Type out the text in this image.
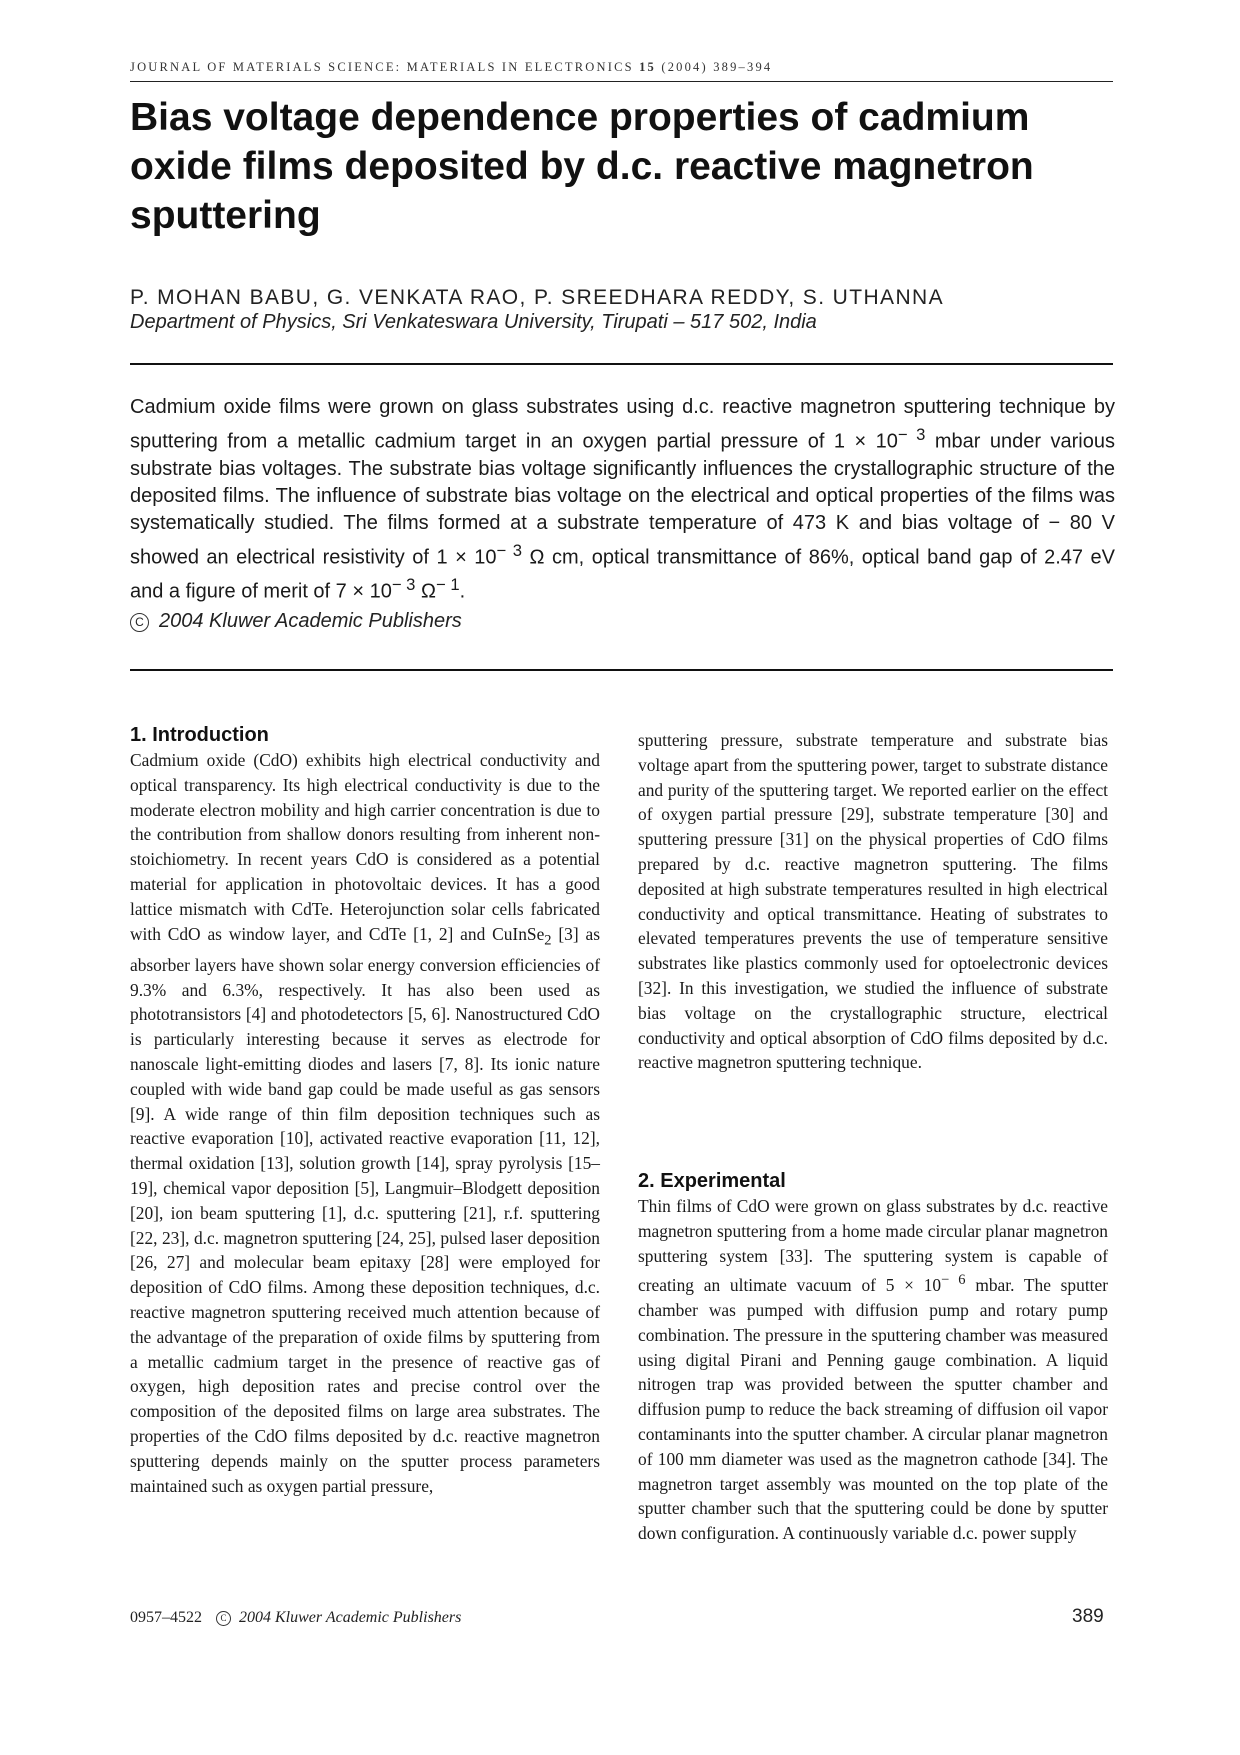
JOURNAL OF MATERIALS SCIENCE: MATERIALS IN ELECTRONICS 15 (2004) 389–394
Bias voltage dependence properties of cadmium oxide films deposited by d.c. reactive magnetron sputtering
P. MOHAN BABU, G. VENKATA RAO, P. SREEDHARA REDDY, S. UTHANNA
Department of Physics, Sri Venkateswara University, Tirupati – 517 502, India
Cadmium oxide films were grown on glass substrates using d.c. reactive magnetron sputtering technique by sputtering from a metallic cadmium target in an oxygen partial pressure of $1 \times 10^{- 3}$ mbar under various substrate bias voltages. The substrate bias voltage significantly influences the crystallographic structure of the deposited films. The influence of substrate bias voltage on the electrical and optical properties of the films was systematically studied. The films formed at a substrate temperature of 473 K and bias voltage of − 80 V showed an electrical resistivity of $1 \times 10^{- 3}$ Ω cm, optical transmittance of 86%, optical band gap of 2.47 eV and a figure of merit of $7 \times 10^{- 3}$ $\Omega^{- 1}$.
C 2004 Kluwer Academic Publishers
1. Introduction
Cadmium oxide (CdO) exhibits high electrical conductivity and optical transparency. Its high electrical conductivity is due to the moderate electron mobility and high carrier concentration is due to the contribution from shallow donors resulting from inherent non-stoichiometry. In recent years CdO is considered as a potential material for application in photovoltaic devices. It has a good lattice mismatch with CdTe. Heterojunction solar cells fabricated with CdO as window layer, and CdTe [1, 2] and CuInSe$_2$ [3] as absorber layers have shown solar energy conversion efficiencies of 9.3% and 6.3%, respectively. It has also been used as phototransistors [4] and photodetectors [5, 6]. Nanostructured CdO is particularly interesting because it serves as electrode for nanoscale light-emitting diodes and lasers [7, 8]. Its ionic nature coupled with wide band gap could be made useful as gas sensors [9]. A wide range of thin film deposition techniques such as reactive evaporation [10], activated reactive evaporation [11, 12], thermal oxidation [13], solution growth [14], spray pyrolysis [15–19], chemical vapor deposition [5], Langmuir–Blodgett deposition [20], ion beam sputtering [1], d.c. sputtering [21], r.f. sputtering [22, 23], d.c. magnetron sputtering [24, 25], pulsed laser deposition [26, 27] and molecular beam epitaxy [28] were employed for deposition of CdO films. Among these deposition techniques, d.c. reactive magnetron sputtering received much attention because of the advantage of the preparation of oxide films by sputtering from a metallic cadmium target in the presence of reactive gas of oxygen, high deposition rates and precise control over the composition of the deposited films on large area substrates. The properties of the CdO films deposited by d.c. reactive magnetron sputtering depends mainly on the sputter process parameters maintained such as oxygen partial pressure,
sputtering pressure, substrate temperature and substrate bias voltage apart from the sputtering power, target to substrate distance and purity of the sputtering target. We reported earlier on the effect of oxygen partial pressure [29], substrate temperature [30] and sputtering pressure [31] on the physical properties of CdO films prepared by d.c. reactive magnetron sputtering. The films deposited at high substrate temperatures resulted in high electrical conductivity and optical transmittance. Heating of substrates to elevated temperatures prevents the use of temperature sensitive substrates like plastics commonly used for optoelectronic devices [32]. In this investigation, we studied the influence of substrate bias voltage on the crystallographic structure, electrical conductivity and optical absorption of CdO films deposited by d.c. reactive magnetron sputtering technique.
2. Experimental
Thin films of CdO were grown on glass substrates by d.c. reactive magnetron sputtering from a home made circular planar magnetron sputtering system [33]. The sputtering system is capable of creating an ultimate vacuum of $5 \times 10^{- 6}$ mbar. The sputter chamber was pumped with diffusion pump and rotary pump combination. The pressure in the sputtering chamber was measured using digital Pirani and Penning gauge combination. A liquid nitrogen trap was provided between the sputter chamber and diffusion pump to reduce the back streaming of diffusion oil vapor contaminants into the sputter chamber. A circular planar magnetron of 100 mm diameter was used as the magnetron cathode [34]. The magnetron target assembly was mounted on the top plate of the sputter chamber such that the sputtering could be done by sputter down configuration. A continuously variable d.c. power supply
0957–4522 C 2004 Kluwer Academic Publishers	389
